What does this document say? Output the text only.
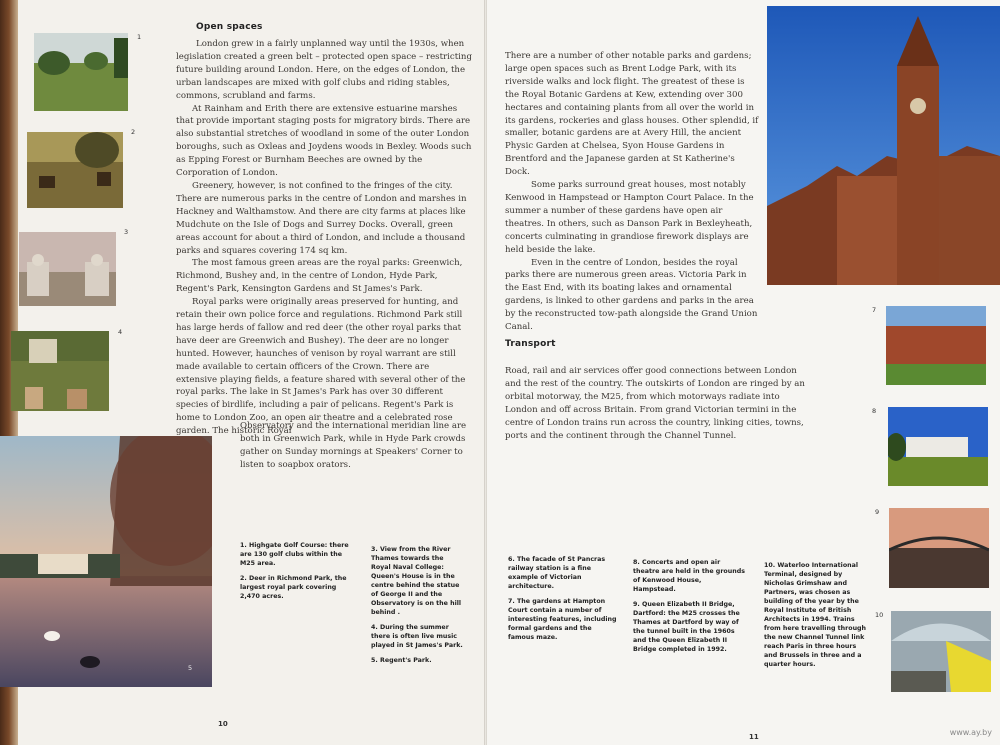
1
2
3
4
Open spaces

London grew in a fairly unplanned way until the 1930s, when legislation created a green belt – protected open space – restricting future building around London. Here, on the edges of London, the urban landscapes are mixed with golf clubs and riding stables, commons, scrubland and farms.

At Rainham and Erith there are extensive estuarine marshes that provide important staging posts for migratory birds. There are also substantial stretches of woodland in some of the outer London boroughs, such as Oxleas and Joydens woods in Bexley. Woods such as Epping Forest or Burnham Beeches are owned by the Corporation of London.

Greenery, however, is not confined to the fringes of the city. There are numerous parks in the centre of London and marshes in Hackney and Walthamstow. And there are city farms at places like Mudchute on the Isle of Dogs and Surrey Docks. Overall, green areas account for about a third of London, and include a thousand parks and squares covering 174 sq km.

The most famous green areas are the royal parks: Greenwich, Richmond, Bushey and, in the centre of London, Hyde Park, Regent's Park, Kensington Gardens and St James's Park.

Royal parks were originally areas preserved for hunting, and retain their own police force and regulations. Richmond Park still has large herds of fallow and red deer (the other royal parks that have deer are Greenwich and Bushey). The deer are no longer hunted. However, haunches of venison by royal warrant are still made available to certain officers of the Crown. There are extensive playing fields, a feature shared with several other of the royal parks. The lake in St James's Park has over 30 different species of birdlife, including a pair of pelicans. Regent's Park is home to London Zoo, an open air theatre and a celebrated rose garden. The historic Royal

Observatory and the international meridian line are both in Greenwich Park, while in Hyde Park crowds gather on Sunday mornings at Speakers' Corner to listen to soapbox orators.
5
1. Highgate Golf Course: there are 130 golf clubs within the M25 area.
2. Deer in Richmond Park, the largest royal park covering 2,470 acres.
3. View from the River Thames towards the Royal Naval College: Queen's House is in the centre behind the statue of George II and the Observatory is on the hill behind .
4. During the summer there is often live music played in St James's Park.
5. Regent's Park.
10

There are a number of other notable parks and gardens; large open spaces such as Brent Lodge Park, with its riverside walks and lock flight. The greatest of these is the Royal Botanic Gardens at Kew, extending over 300 hectares and containing plants from all over the world in its gardens, rockeries and glass houses. Other splendid, if smaller, botanic gardens are at Avery Hill, the ancient Physic Garden at Chelsea, Syon House Gardens in Brentford and the Japanese garden at St Katherine's Dock.

Some parks surround great houses, most notably Kenwood in Hampstead or Hampton Court Palace. In the summer a number of these gardens have open air theatres. In others, such as Danson Park in Bexleyheath, concerts culminating in grandiose firework displays are held beside the lake.

Even in the centre of London, besides the royal parks there are numerous green areas. Victoria Park in the East End, with its boating lakes and ornamental gardens, is linked to other gardens and parks in the area by the reconstructed tow-path alongside the Grand Union Canal.

Transport
Road, rail and air services offer good connections between London and the rest of the country. The outskirts of London are ringed by an orbital motorway, the M25, from which motorways radiate into London and off across Britain. From grand Victorian termini in the centre of London trains run across the country, linking cities, towns, ports and the continent through the Channel Tunnel.
7
8
9
10
6. The facade of St Pancras railway station is a fine example of Victorian architecture.
7. The gardens at Hampton Court contain a number of interesting features, including formal gardens and the famous maze.
8. Concerts and open air theatre are held in the grounds of Kenwood House, Hampstead.
9. Queen Elizabeth II Bridge, Dartford: the M25 crosses the Thames at Dartford by way of the tunnel built in the 1960s and the Queen Elizabeth II Bridge completed in 1992.
10. Waterloo International Terminal, designed by Nicholas Grimshaw and Partners, was chosen as building of the year by the Royal Institute of British Architects in 1994. Trains from here travelling through the new Channel Tunnel link reach Paris in three hours and Brussels in three and a quarter hours.
11	www.ay.by
